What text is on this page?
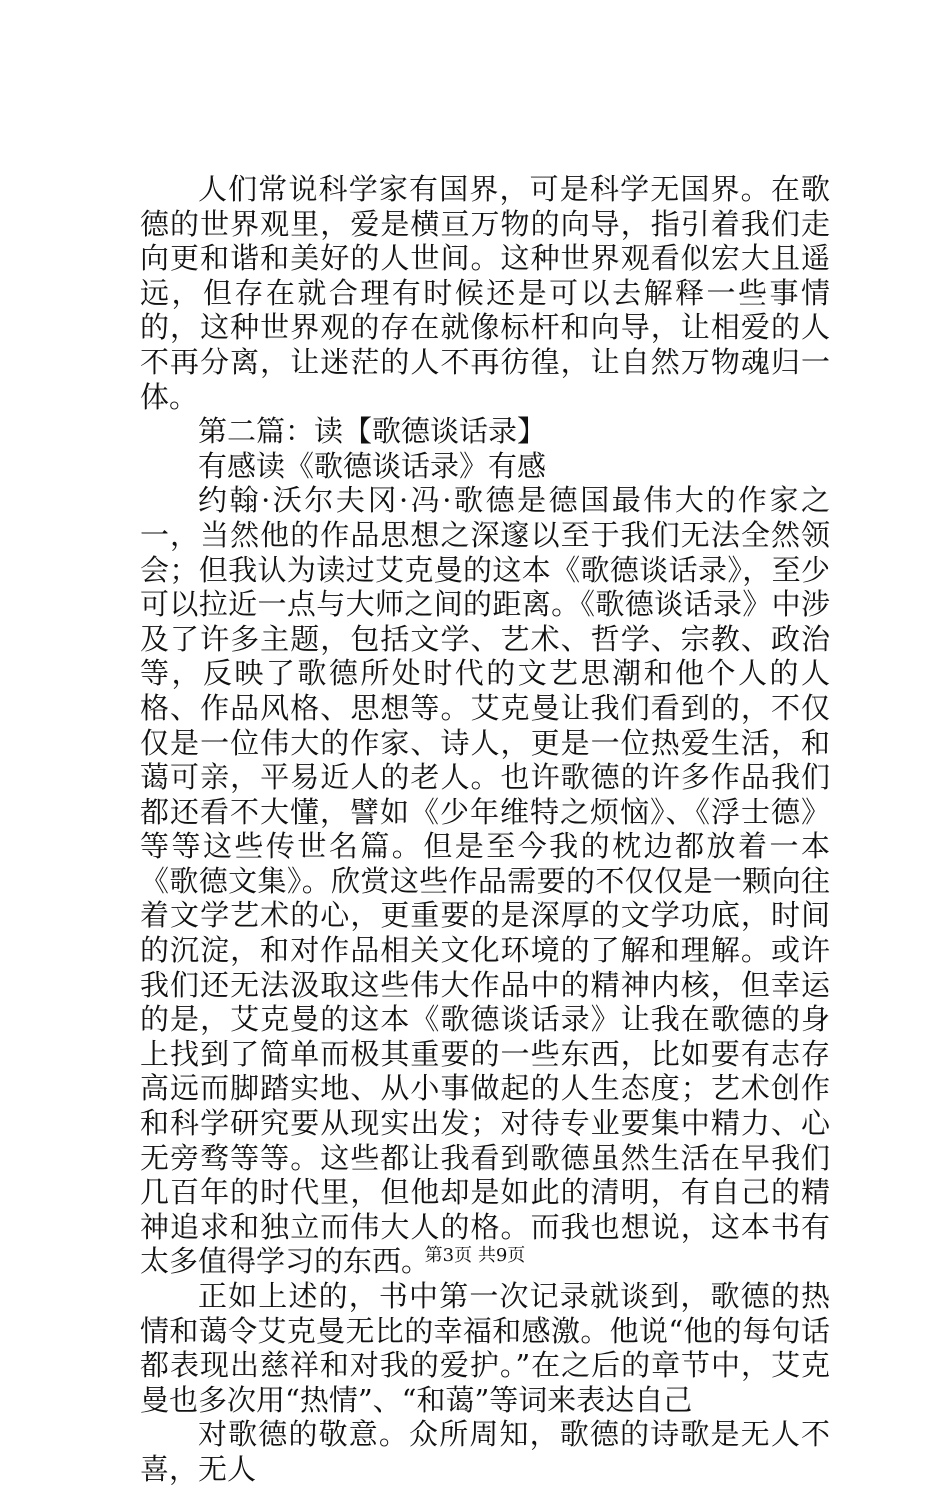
人们常说科学家有国界，可是科学无国界。在歌德的世界观里，爱是横亘万物的向导，指引着我们走向更和谐和美好的人世间。这种世界观看似宏大且遥远，但存在就合理有时候还是可以去解释一些事情的，这种世界观的存在就像标杆和向导，让相爱的人不再分离，让迷茫的人不再彷徨，让自然万物魂归一体。

第二篇：读【歌德谈话录】

有感读《歌德谈话录》有感

约翰·沃尔夫冈·冯·歌德是德国最伟大的作家之一，当然他的作品思想之深邃以至于我们无法全然领会；但我认为读过艾克曼的这本《歌德谈话录》，至少可以拉近一点与大师之间的距离。《歌德谈话录》中涉及了许多主题，包括文学、艺术、哲学、宗教、政治等，反映了歌德所处时代的文艺思潮和他个人的人格、作品风格、思想等。艾克曼让我们看到的，不仅仅是一位伟大的作家、诗人，更是一位热爱生活，和蔼可亲，平易近人的老人。也许歌德的许多作品我们都还看不大懂，譬如《少年维特之烦恼》、《浮士德》等等这些传世名篇。但是至今我的枕边都放着一本《歌德文集》。欣赏这些作品需要的不仅仅是一颗向往着文学艺术的心，更重要的是深厚的文学功底，时间的沉淀，和对作品相关文化环境的了解和理解。或许我们还无法汲取这些伟大作品中的精神内核，但幸运的是，艾克曼的这本《歌德谈话录》让我在歌德的身上找到了简单而极其重要的一些东西，比如要有志存高远而脚踏实地、从小事做起的人生态度；艺术创作和科学研究要从现实出发；对待专业要集中精力、心无旁骛等等。这些都让我看到歌德虽然生活在早我们几百年的时代里，但他却是如此的清明，有自己的精神追求和独立而伟大人的格。而我也想说，这本书有太多值得学习的东西。

正如上述的，书中第一次记录就谈到，歌德的热情和蔼令艾克曼无比的幸福和感激。他说“他的每句话都表现出慈祥和对我的爱护。”在之后的章节中，艾克曼也多次用“热情”、“和蔼”等词来表达自己

对歌德的敬意。众所周知，歌德的诗歌是无人不喜，无人

第3页 共9页
